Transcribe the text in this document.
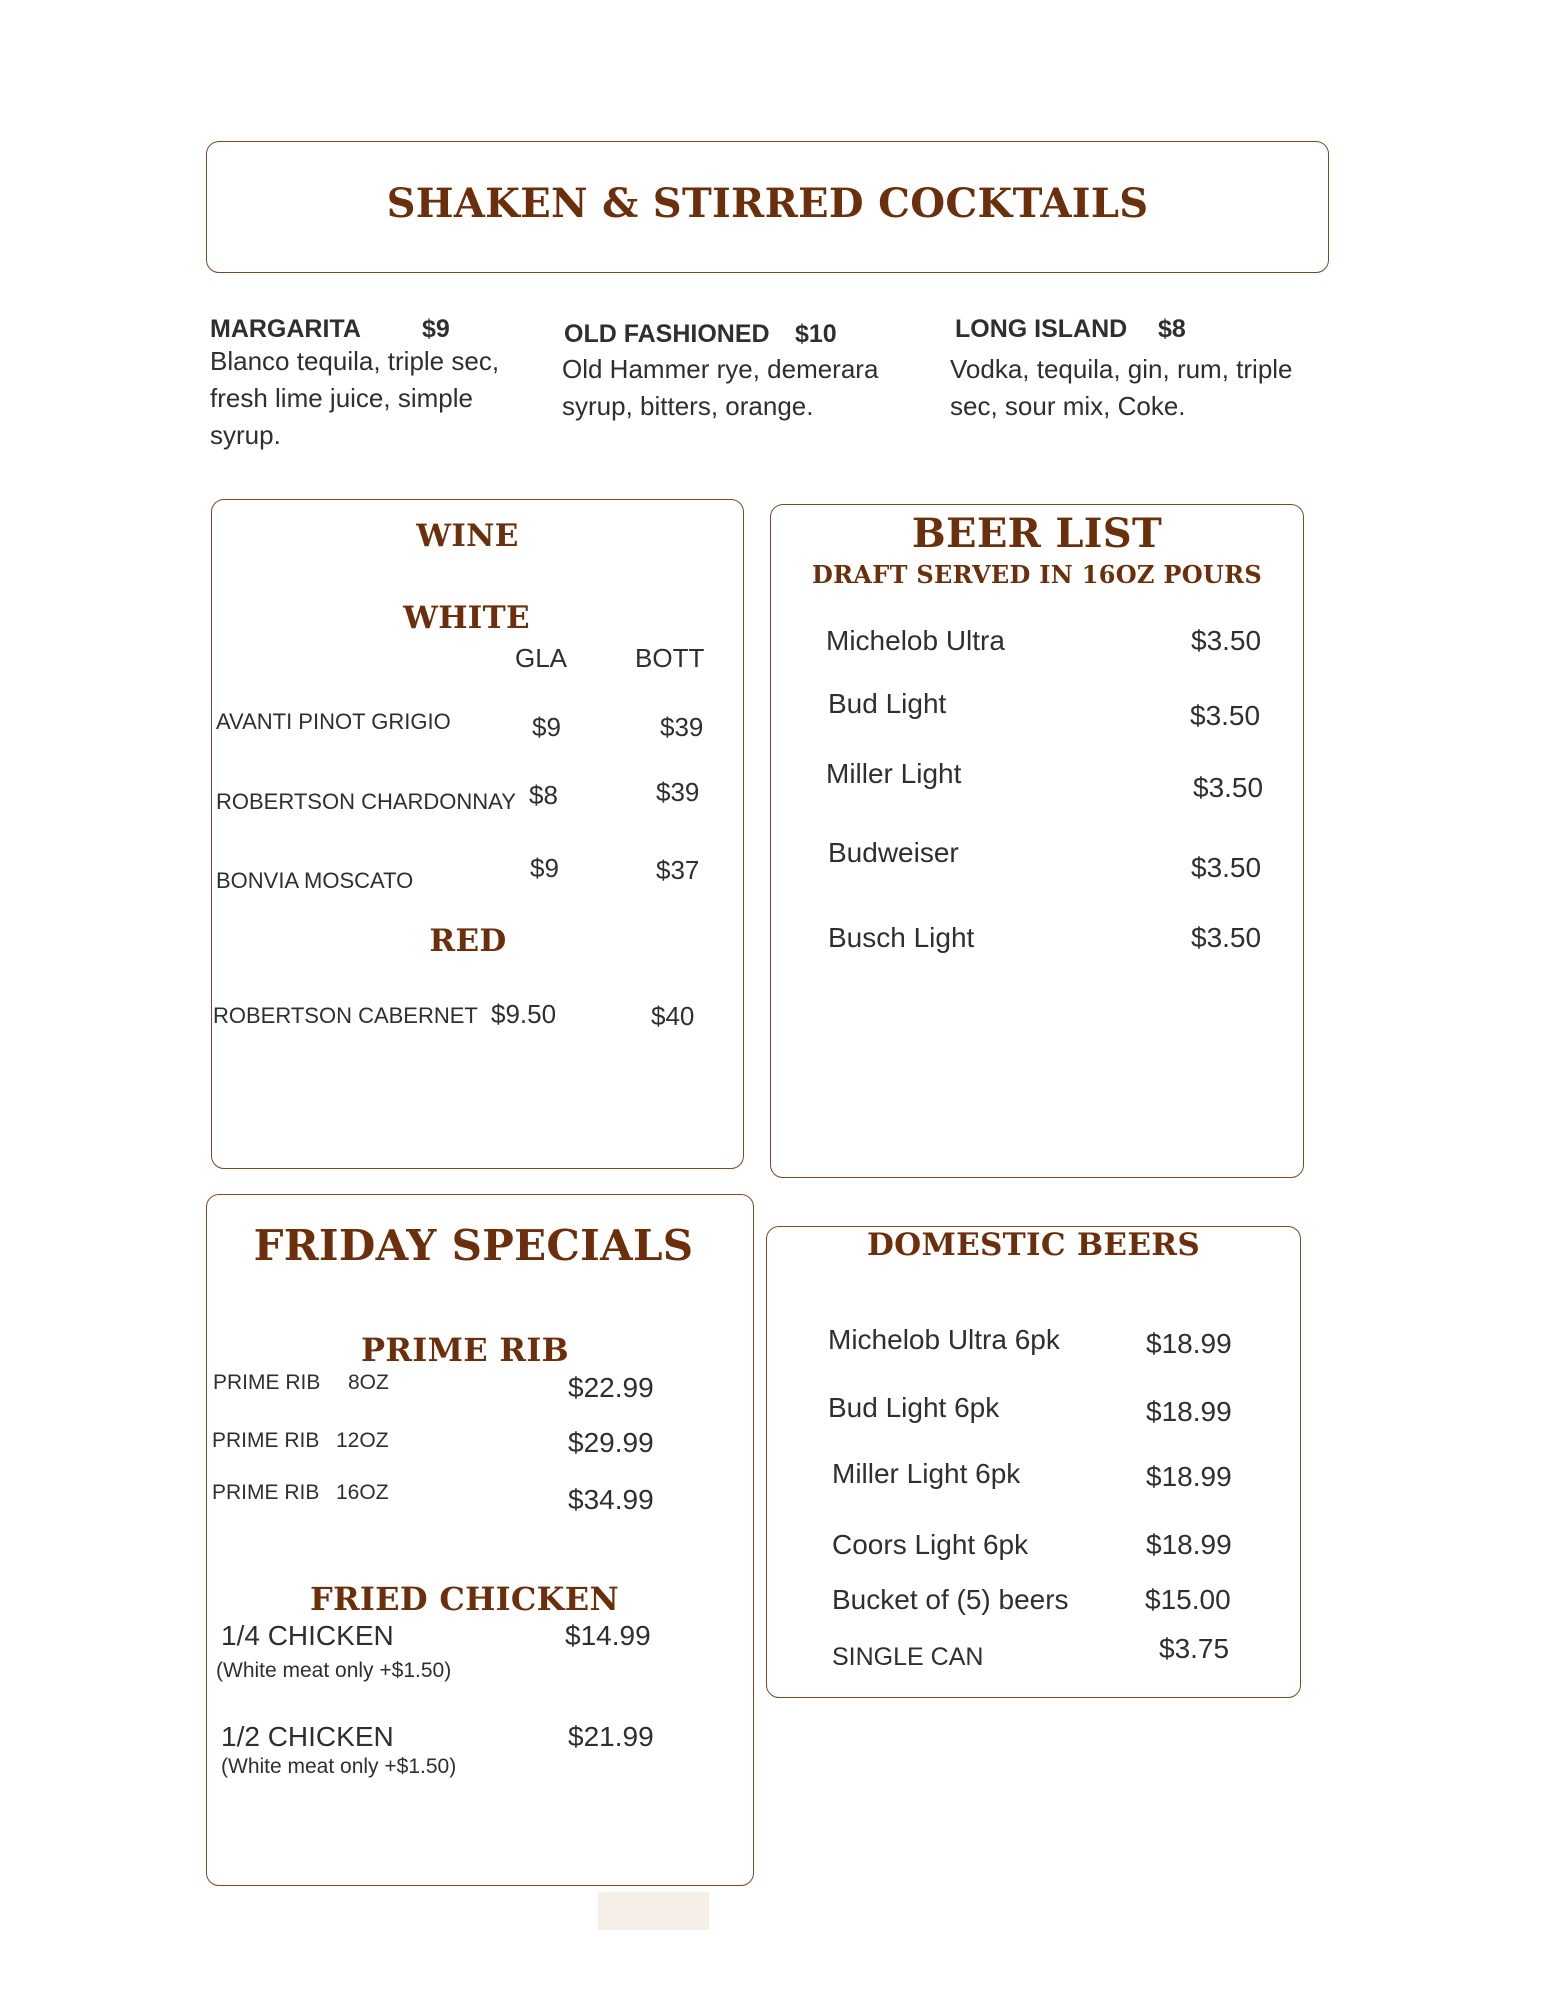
SHAKEN & STIRRED COCKTAILS
MARGARITA $9
Blanco tequila, triple sec, fresh lime juice, simple syrup.
OLD FASHIONED $10
Old Hammer rye, demerara syrup, bitters, orange.
LONG ISLAND $8
Vodka, tequila, gin, rum, triple sec, sour mix, Coke.
WINE
WHITE
GLA	BOTT
AVANTI PINOT GRIGIO	$9	$39
ROBERTSON CHARDONNAY $8	$39
BONVIA MOSCATO	$9	$37
RED
ROBERTSON CABERNET $9.50	$40
BEER LIST
DRAFT SERVED IN 16OZ POURS
Michelob Ultra	$3.50
Bud Light	$3.50
Miller Light	$3.50
Budweiser	$3.50
Busch Light	$3.50
FRIDAY SPECIALS
PRIME RIB
PRIME RIB 8OZ	$22.99
PRIME RIB 12OZ	$29.99
PRIME RIB 16OZ	$34.99
FRIED CHICKEN
1/4 CHICKEN	$14.99
(White meat only +$1.50)
1/2 CHICKEN	$21.99
(White meat only +$1.50)
DOMESTIC BEERS
Michelob Ultra 6pk	$18.99
Bud Light 6pk	$18.99
Miller Light 6pk	$18.99
Coors Light 6pk	$18.99
Bucket of (5) beers	$15.00
SINGLE CAN	$3.75
